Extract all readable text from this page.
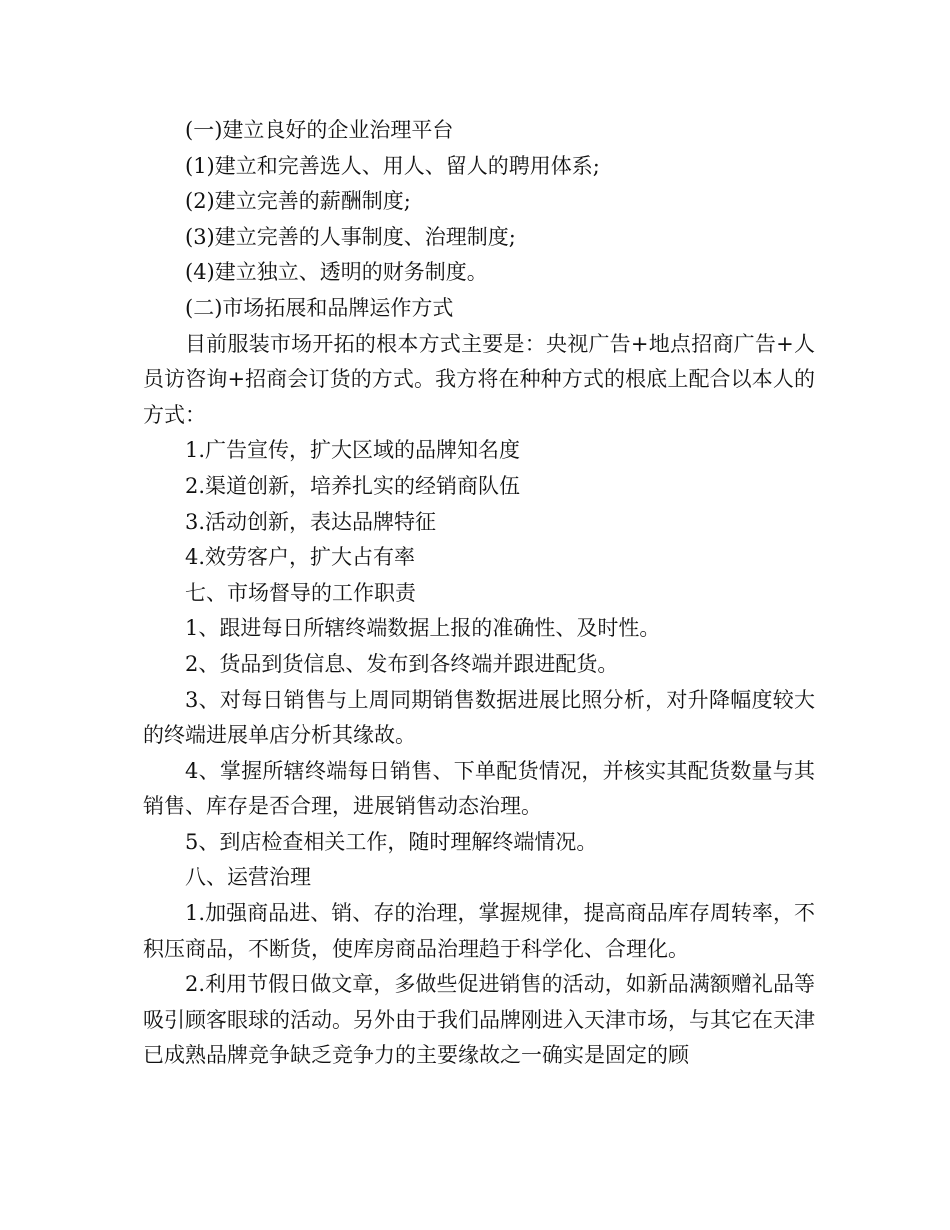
(一)建立良好的企业治理平台

(1)建立和完善选人、用人、留人的聘用体系;

(2)建立完善的薪酬制度;

(3)建立完善的人事制度、治理制度;

(4)建立独立、透明的财务制度。

(二)市场拓展和品牌运作方式

目前服装市场开拓的根本方式主要是：央视广告+地点招商广告+人员访咨询+招商会订货的方式。我方将在种种方式的根底上配合以本人的方式：

1.广告宣传，扩大区域的品牌知名度

2.渠道创新，培养扎实的经销商队伍

3.活动创新，表达品牌特征

4.效劳客户，扩大占有率

七、市场督导的工作职责

1、跟进每日所辖终端数据上报的准确性、及时性。

2、货品到货信息、发布到各终端并跟进配货。

3、对每日销售与上周同期销售数据进展比照分析，对升降幅度较大的终端进展单店分析其缘故。

4、掌握所辖终端每日销售、下单配货情况，并核实其配货数量与其销售、库存是否合理，进展销售动态治理。

5、到店检查相关工作，随时理解终端情况。

八、运营治理

1.加强商品进、销、存的治理，掌握规律，提高商品库存周转率，不积压商品，不断货，使库房商品治理趋于科学化、合理化。

2.利用节假日做文章，多做些促进销售的活动，如新品满额赠礼品等吸引顾客眼球的活动。另外由于我们品牌刚进入天津市场，与其它在天津已成熟品牌竞争缺乏竞争力的主要缘故之一确实是固定的顾
